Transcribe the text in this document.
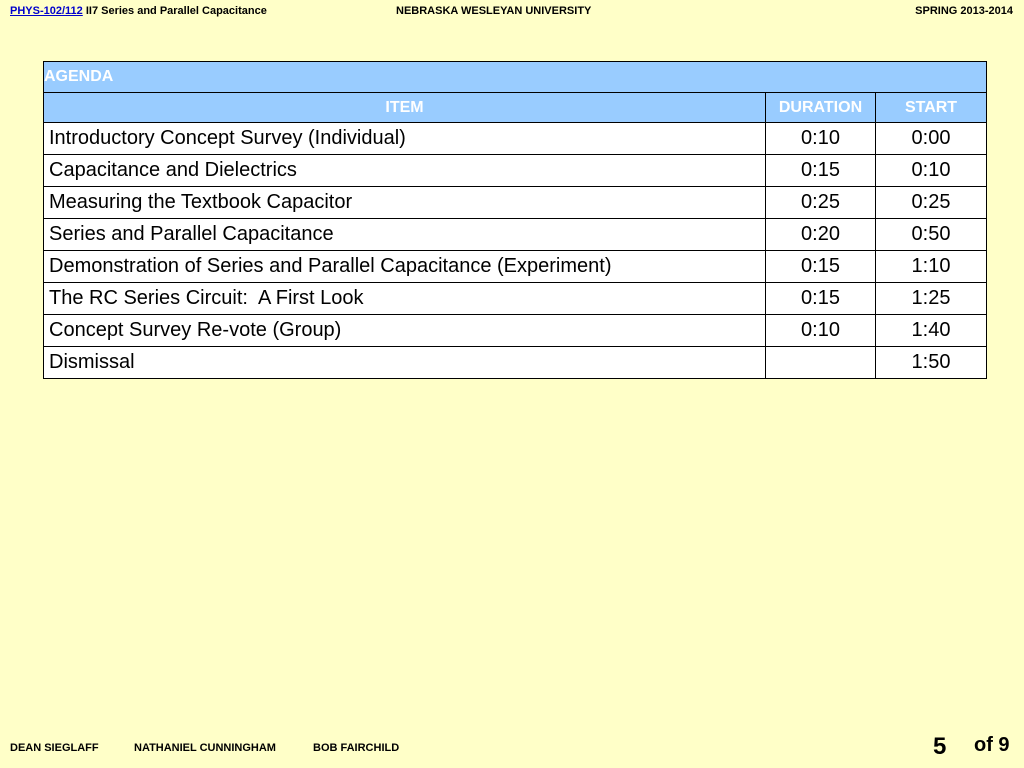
PHYS-102/112 II7 Series and Parallel Capacitance	NEBRASKA WESLEYAN UNIVERSITY	SPRING 2013-2014
AGENDA		
ITEM	DURATION	START
Introductory Concept Survey (Individual)	0:10	0:00
Capacitance and Dielectrics	0:15	0:10
Measuring the Textbook Capacitor	0:25	0:25
Series and Parallel Capacitance	0:20	0:50
Demonstration of Series and Parallel Capacitance (Experiment)	0:15	1:10
The RC Series Circuit:  A First Look	0:15	1:25
Concept Survey Re-vote (Group)	0:10	1:40
Dismissal		1:50
DEAN SIEGLAFF	NATHANIEL CUNNINGHAM	BOB FAIRCHILD	5 of 9
